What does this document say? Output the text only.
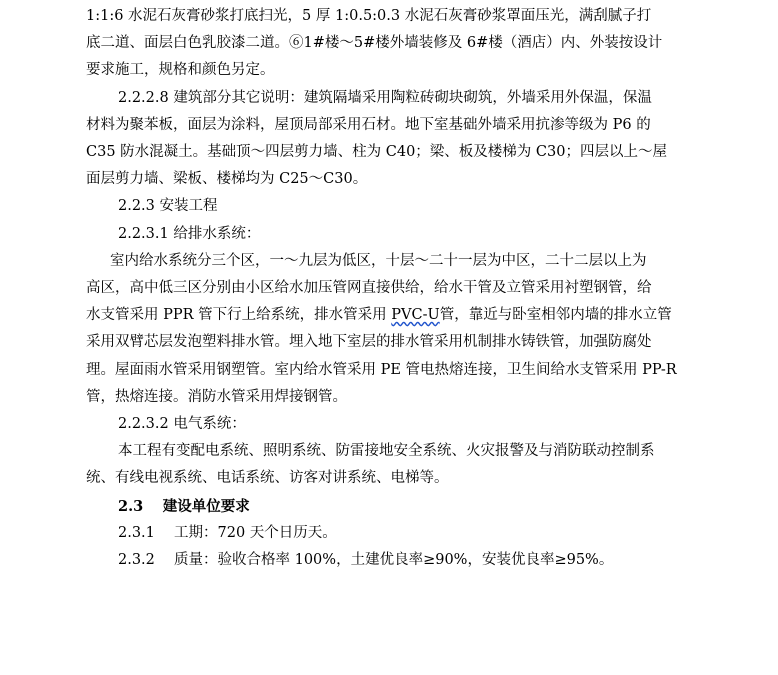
1:1:6 水泥石灰膏砂浆打底扫光，5 厚 1:0.5:0.3 水泥石灰膏砂浆罩面压光，满刮腻子打
底二道、面层白色乳胶漆二道。⑥1#楼～5#楼外墙装修及 6#楼（酒店）内、外装按设计
要求施工，规格和颜色另定。

2.2.2.8 建筑部分其它说明：建筑隔墙采用陶粒砖砌块砌筑，外墙采用外保温，保温
材料为聚苯板，面层为涂料，屋顶局部采用石材。地下室基础外墙采用抗渗等级为 P6 的
C35 防水混凝土。基础顶～四层剪力墙、柱为 C40；梁、板及楼梯为 C30；四层以上～屋
面层剪力墙、梁板、楼梯均为 C25～C30。

2.2.3 安装工程

2.2.3.1 给排水系统：

室内给水系统分三个区，一～九层为低区，十层～二十一层为中区，二十二层以上为
高区，高中低三区分别由小区给水加压管网直接供给，给水干管及立管采用衬塑钢管，给
水支管采用 PPR 管下行上给系统，排水管采用 PVC-U管，靠近与卧室相邻内墙的排水立管
采用双臂芯层发泡塑料排水管。埋入地下室层的排水管采用机制排水铸铁管，加强防腐处
理。屋面雨水管采用钢塑管。室内给水管采用 PE 管电热熔连接，卫生间给水支管采用 PP-R
管，热熔连接。消防水管采用焊接钢管。

2.2.3.2 电气系统：

本工程有变配电系统、照明系统、防雷接地安全系统、火灾报警及与消防联动控制系
统、有线电视系统、电话系统、访客对讲系统、电梯等。

2.3　 建设单位要求

2.3.1　 工期：720 天个日历天。

2.3.2　 质量：验收合格率 100%，土建优良率≥90%，安装优良率≥95%。
